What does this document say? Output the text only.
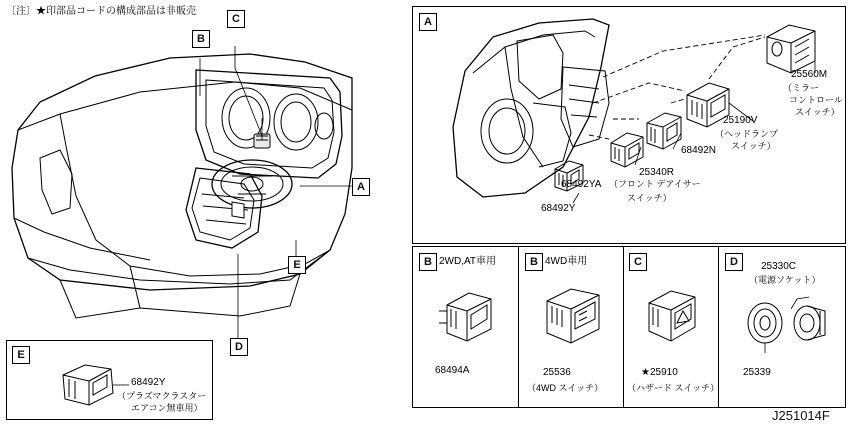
〔注〕★印部品コードの構成部品は非販売
B
C
A
D
E
E
68492Y
（プラズマクラスター
エアコン無車用）
A
25560M
（ミラー
コントロール
スイッチ）
25190V
（ヘッドランプ
スイッチ）
68492N
25340R
68492YA （フロント デアイサー
スイッチ）
68492Y
B 2WD,AT車用
68494A
B 4WD車用
25536
（4WD スイッチ）
C
★25910
（ハザード スイッチ）
D	25330C
（電源ソケット）
25339
J251014F
